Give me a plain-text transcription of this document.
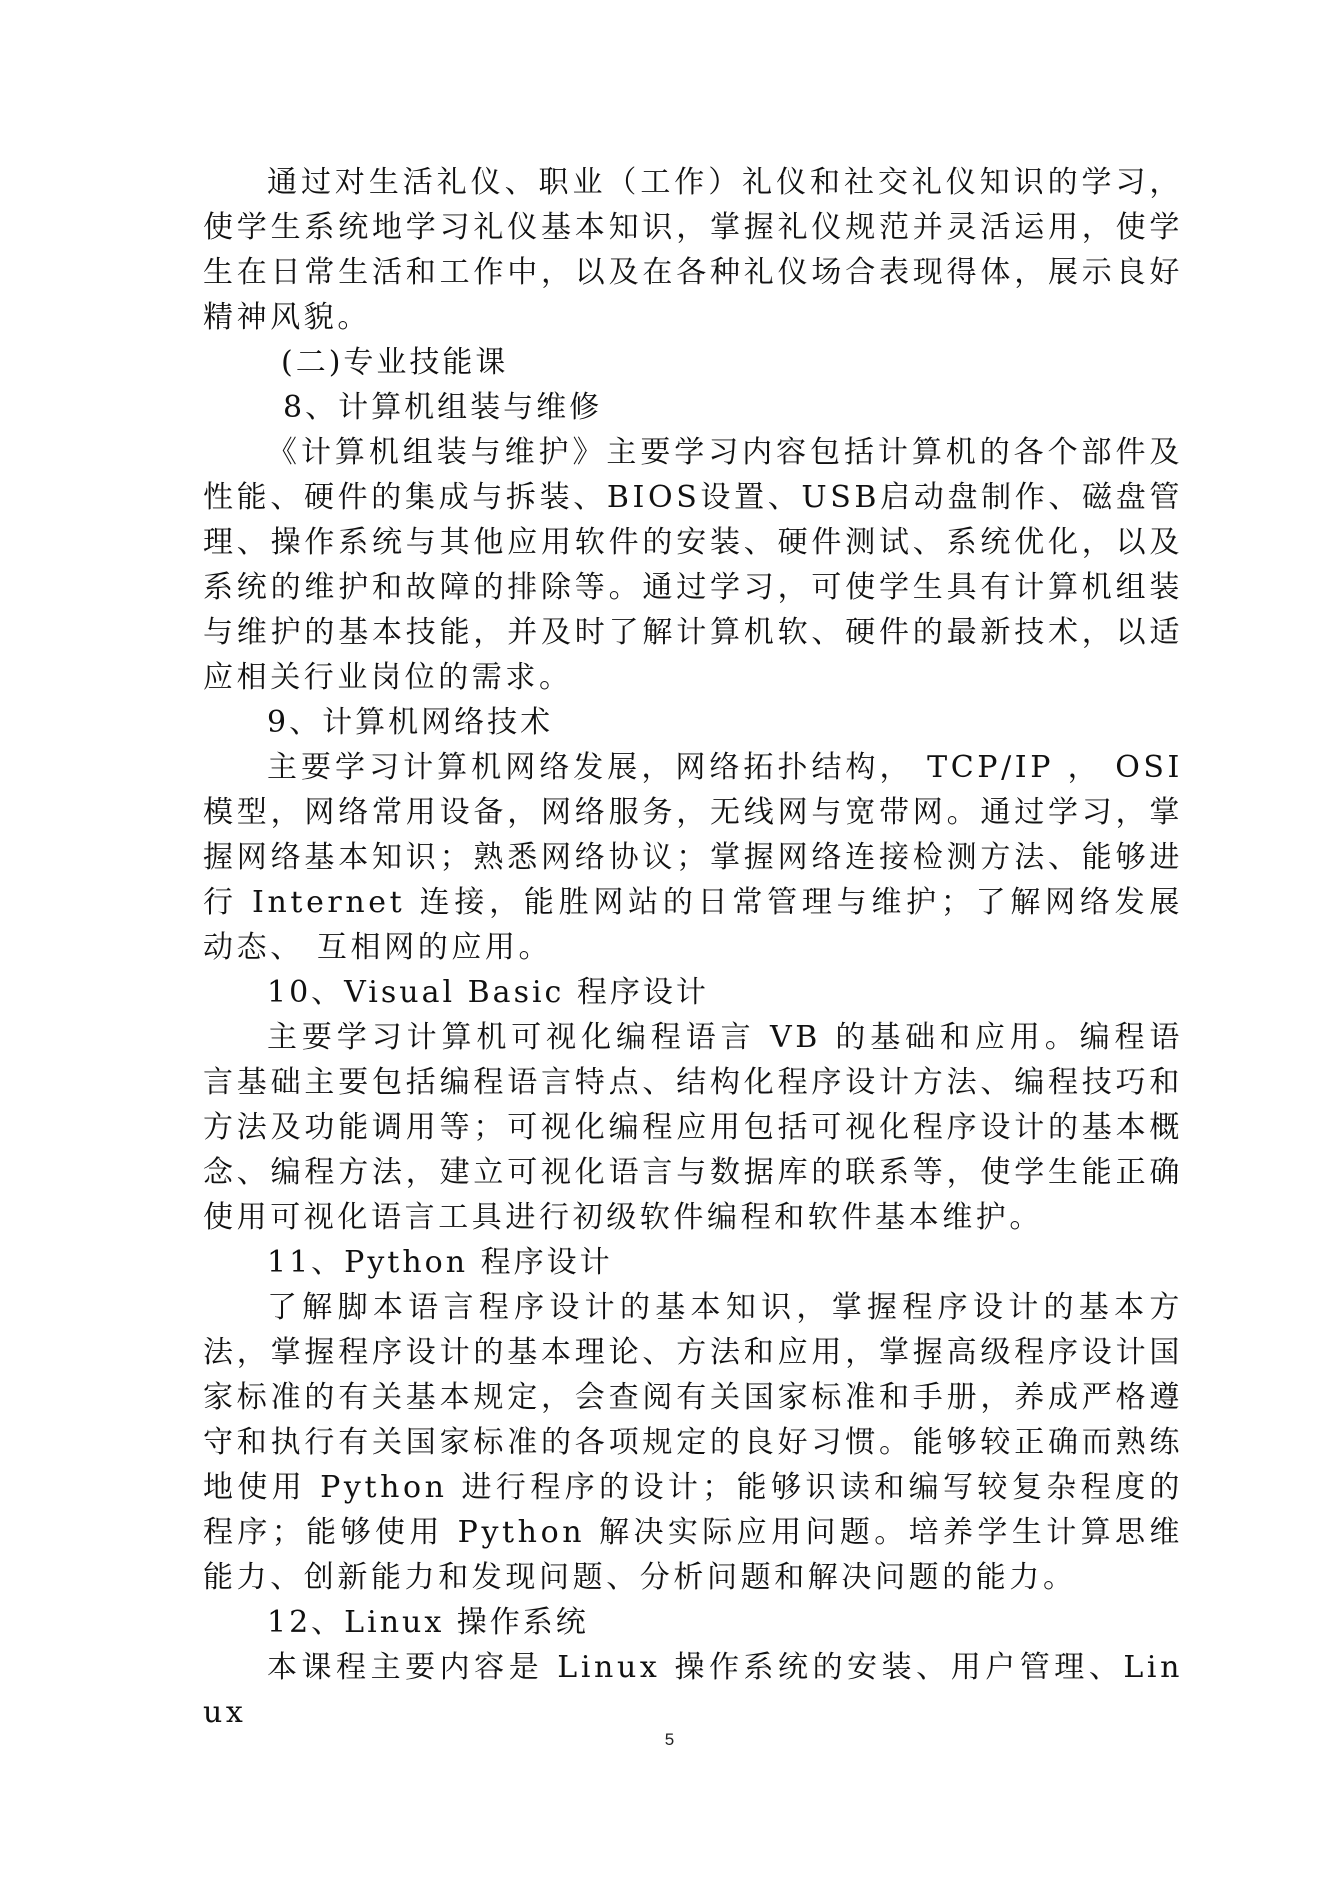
通过对生活礼仪、职业（工作）礼仪和社交礼仪知识的学习，使学生系统地学习礼仪基本知识，掌握礼仪规范并灵活运用，使学生在日常生活和工作中，以及在各种礼仪场合表现得体，展示良好精神风貌。

(二)专业技能课

8、计算机组装与维修

《计算机组装与维护》主要学习内容包括计算机的各个部件及性能、硬件的集成与拆装、BIOS设置、USB启动盘制作、磁盘管理、操作系统与其他应用软件的安装、硬件测试、系统优化，以及系统的维护和故障的排除等。通过学习，可使学生具有计算机组装与维护的基本技能，并及时了解计算机软、硬件的最新技术，以适应相关行业岗位的需求。

9、计算机网络技术

主要学习计算机网络发展，网络拓扑结构， TCP/IP ， OSI 模型，网络常用设备，网络服务，无线网与宽带网。通过学习，掌握网络基本知识；熟悉网络协议；掌握网络连接检测方法、能够进行 Internet 连接，能胜网站的日常管理与维护；了解网络发展动态、 互相网的应用。

10、Visual Basic 程序设计

主要学习计算机可视化编程语言 VB 的基础和应用。编程语言基础主要包括编程语言特点、结构化程序设计方法、编程技巧和方法及功能调用等；可视化编程应用包括可视化程序设计的基本概念、编程方法，建立可视化语言与数据库的联系等，使学生能正确使用可视化语言工具进行初级软件编程和软件基本维护。

11、Python 程序设计

了解脚本语言程序设计的基本知识，掌握程序设计的基本方法，掌握程序设计的基本理论、方法和应用，掌握高级程序设计国家标准的有关基本规定，会查阅有关国家标准和手册，养成严格遵守和执行有关国家标准的各项规定的良好习惯。能够较正确而熟练地使用 Python 进行程序的设计；能够识读和编写较复杂程度的程序；能够使用 Python 解决实际应用问题。培养学生计算思维能力、创新能力和发现问题、分析问题和解决问题的能力。

12、Linux 操作系统

本课程主要内容是 Linux 操作系统的安装、用户管理、Linux

5
